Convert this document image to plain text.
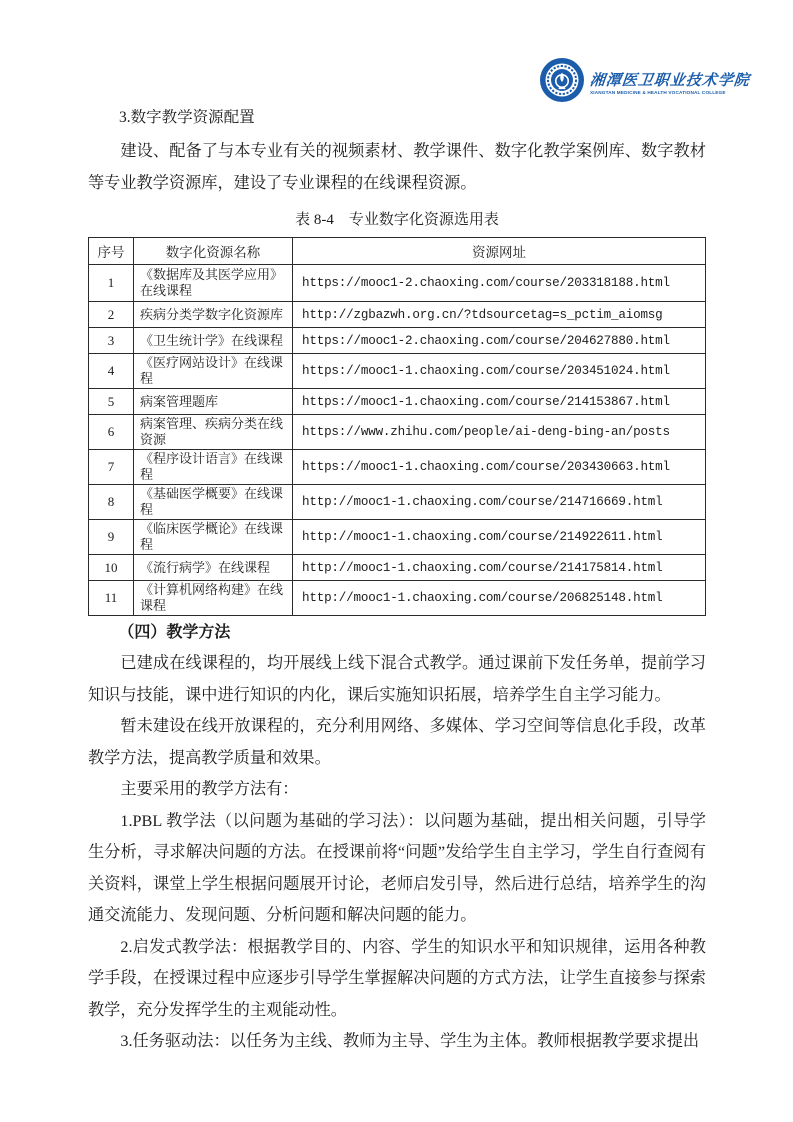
湘潭医卫职业技术学院
XIANGTAN MEDICINE & HEALTH VOCATIONAL COLLEGE
3.数字教学资源配置

建设、配备了与本专业有关的视频素材、教学课件、数字化教学案例库、数字教材等专业教学资源库，建设了专业课程的在线课程资源。

表 8-4　专业数字化资源选用表
序号	数字化资源名称	资源网址
1	《数据库及其医学应用》在线课程	https://mooc1-2.chaoxing.com/course/203318188.html
2	疾病分类学数字化资源库	http://zgbazwh.org.cn/?tdsourcetag=s_pctim_aiomsg
3	《卫生统计学》在线课程	https://mooc1-2.chaoxing.com/course/204627880.html
4	《医疗网站设计》在线课程	https://mooc1-1.chaoxing.com/course/203451024.html
5	病案管理题库	https://mooc1-1.chaoxing.com/course/214153867.html
6	病案管理、疾病分类在线资源	https://www.zhihu.com/people/ai-deng-bing-an/posts
7	《程序设计语言》在线课程	https://mooc1-1.chaoxing.com/course/203430663.html
8	《基础医学概要》在线课程	http://mooc1-1.chaoxing.com/course/214716669.html
9	《临床医学概论》在线课程	http://mooc1-1.chaoxing.com/course/214922611.html
10	《流行病学》在线课程	http://mooc1-1.chaoxing.com/course/214175814.html
11	《计算机网络构建》在线课程	http://mooc1-1.chaoxing.com/course/206825148.html
（四）教学方法

已建成在线课程的，均开展线上线下混合式教学。通过课前下发任务单，提前学习知识与技能，课中进行知识的内化，课后实施知识拓展，培养学生自主学习能力。

暂未建设在线开放课程的，充分利用网络、多媒体、学习空间等信息化手段，改革教学方法，提高教学质量和效果。

主要采用的教学方法有：

1.PBL 教学法（以问题为基础的学习法）：以问题为基础，提出相关问题，引导学生分析，寻求解决问题的方法。在授课前将“问题”发给学生自主学习，学生自行查阅有关资料，课堂上学生根据问题展开讨论，老师启发引导，然后进行总结，培养学生的沟通交流能力、发现问题、分析问题和解决问题的能力。

2.启发式教学法：根据教学目的、内容、学生的知识水平和知识规律，运用各种教学手段，在授课过程中应逐步引导学生掌握解决问题的方式方法，让学生直接参与探索教学，充分发挥学生的主观能动性。

3.任务驱动法：以任务为主线、教师为主导、学生为主体。教师根据教学要求提出
